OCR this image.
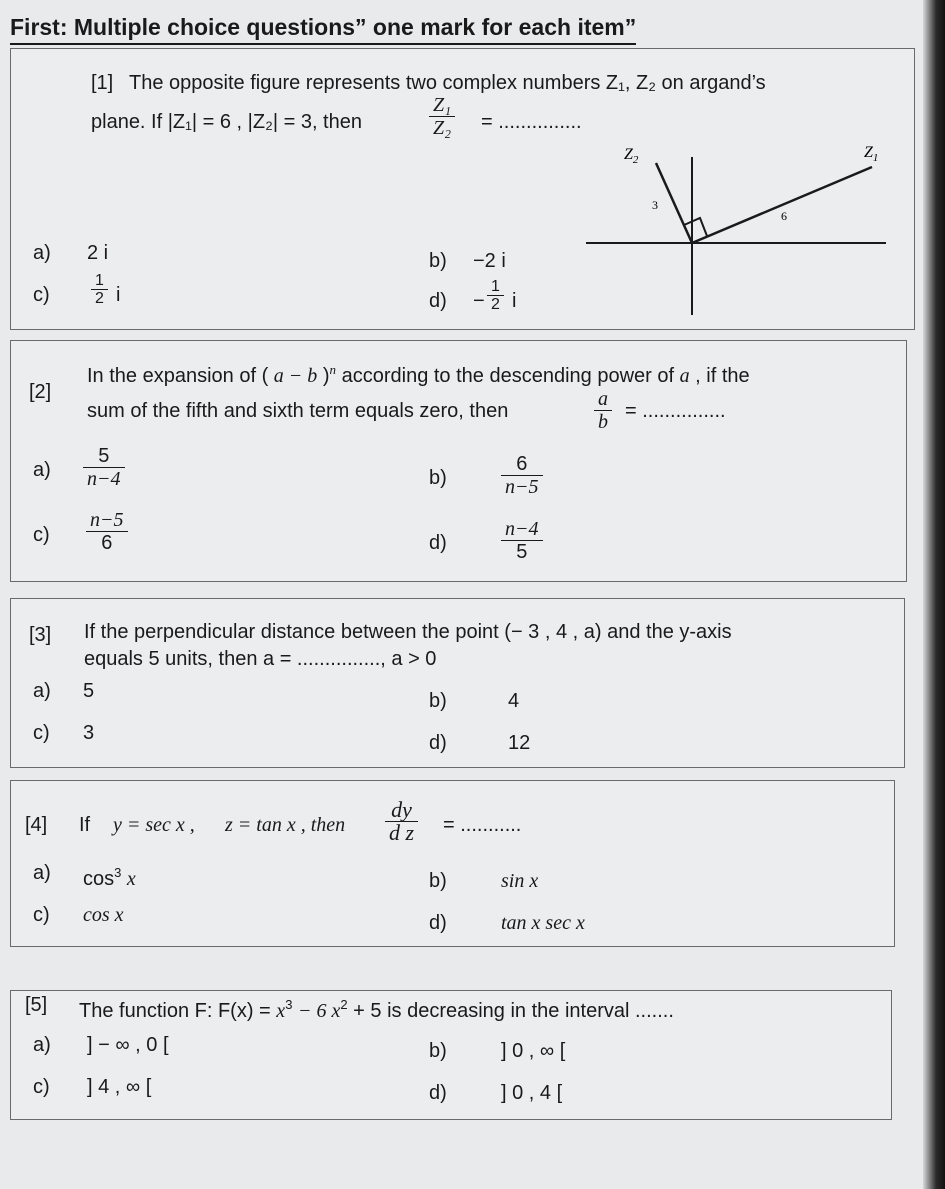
First: Multiple choice questions” one mark for each item”
[1] The opposite figure represents two complex numbers Z₁, Z₂ on argand’s
plane. If |Z₁| = 6 , |Z₂| = 3, then	$\frac{\text{Z₁}}{\text{Z₂}}$ = ...............
$Z_2$	$Z_1$
3
6
a) 2 i	b) −2 i
c)	$\frac{1}{2}$ i	$d) - \frac{1}{2}$ i
[2]
In the expansion of ( a − b )$^n$ according to the descending power of a , if the
sum of the fifth and sixth term equals zero, then	$\frac{a}{b}$ = ...............
$a) \frac{5}{n-4}$	b)	$\frac{6}{n-5}$
$c) \frac{n-5}{6}$	d)	$\frac{n-4}{5}$
[3] If the perpendicular distance between the point (− 3 , 4 , a) and the y-axis
equals 5 units, then a = ..............., a > 0
a) 5	b)	4
c) 3	d)	12
[4] If y = sec x , z = tan x , then $\frac{dy}{\text{d z}}$ = ...........
a) $\cos^3 x$	b)	sin x
c) cos x	d)	tan x sec x
[5] The function F: $F(x) = x^3 - 6$ $x^2 + 5$ is decreasing in the interval .......
a) ] − ∞ , 0 [	b)	] 0 , ∞ [
c) ] 4 , ∞ [	d)	] 0 , 4 [
